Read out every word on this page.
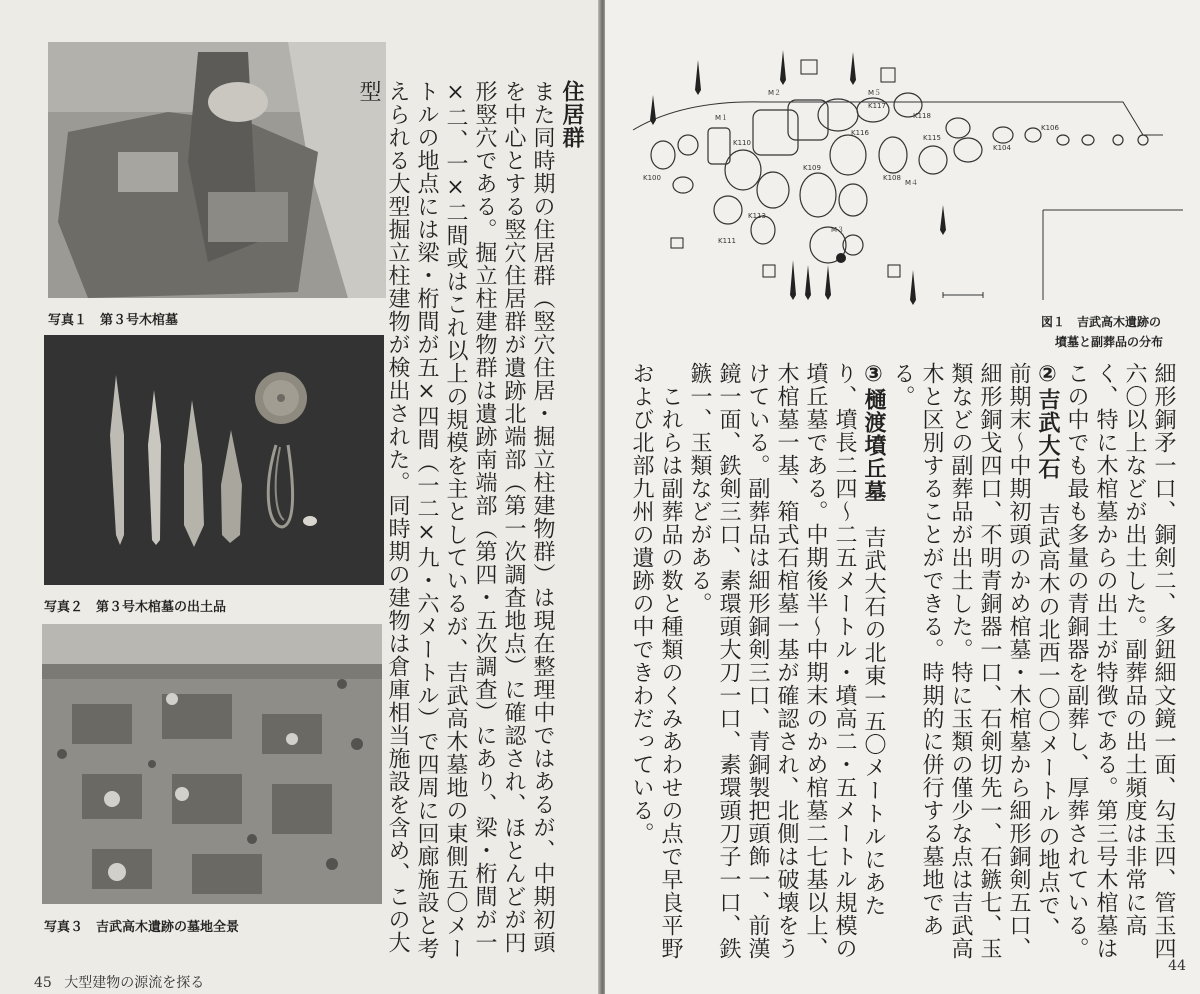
写真１　第３号木棺墓
写真２　第３号木棺墓の出土品
写真３　吉武高木遺跡の墓地全景

住居群

また同時期の住居群（竪穴住居・掘立柱建物群）は現在整理中ではあるが、中期初頭を中心とする竪穴住居群が遺跡北端部（第一次調査地点）に確認され、ほとんどが円形竪穴である。掘立柱建物群は遺跡南端部（第四・五次調査）にあり、梁・桁間が一×二、一×二間或はこれ以上の規模を主としているが、吉武高木墓地の東側五〇メートルの地点には梁・桁間が五×四間（一二×九・六メートル）で四周に回廊施設と考えられる大型掘立柱建物が検出された。同時期の建物は倉庫相当施設を含め、この大型

45 大型建物の源流を探る
M１
M２
M３
M４
M５
K100
K109
K110
K111
K113
K115
K116
K117
K118
K104
K106
K108
図１　吉武高木遺跡の
墳墓と副葬品の分布

細形銅矛一口、銅剣二、多鈕細文鏡一面、勾玉四、管玉四六〇以上などが出土した。副葬品の出土頻度は非常に高く、特に木棺墓からの出土が特徴である。第三号木棺墓はこの中でも最も多量の青銅器を副葬し、厚葬されている。

②吉武大石　吉武高木の北西一〇〇メートルの地点で、前期末〜中期初頭のかめ棺墓・木棺墓から細形銅剣五口、細形銅戈四口、不明青銅器一口、石剣切先一、石鏃七、玉類などの副葬品が出土した。特に玉類の僅少な点は吉武高木と区別することができる。時期的に併行する墓地である。

③樋渡墳丘墓　吉武大石の北東一五〇メートルにあたり、墳長二四〜二五メートル・墳高二・五メートル規模の墳丘墓である。中期後半〜中期末のかめ棺墓二七基以上、木棺墓一基、箱式石棺墓一基が確認され、北側は破壊をうけている。副葬品は細形銅剣三口、青銅製把頭飾一、前漢鏡一面、鉄剣三口、素環頭大刀一口、素環頭刀子一口、鉄鏃一、玉類などがある。

　これらは副葬品の数と種類のくみあわせの点で早良平野および北部九州の遺跡の中できわだっている。

44
